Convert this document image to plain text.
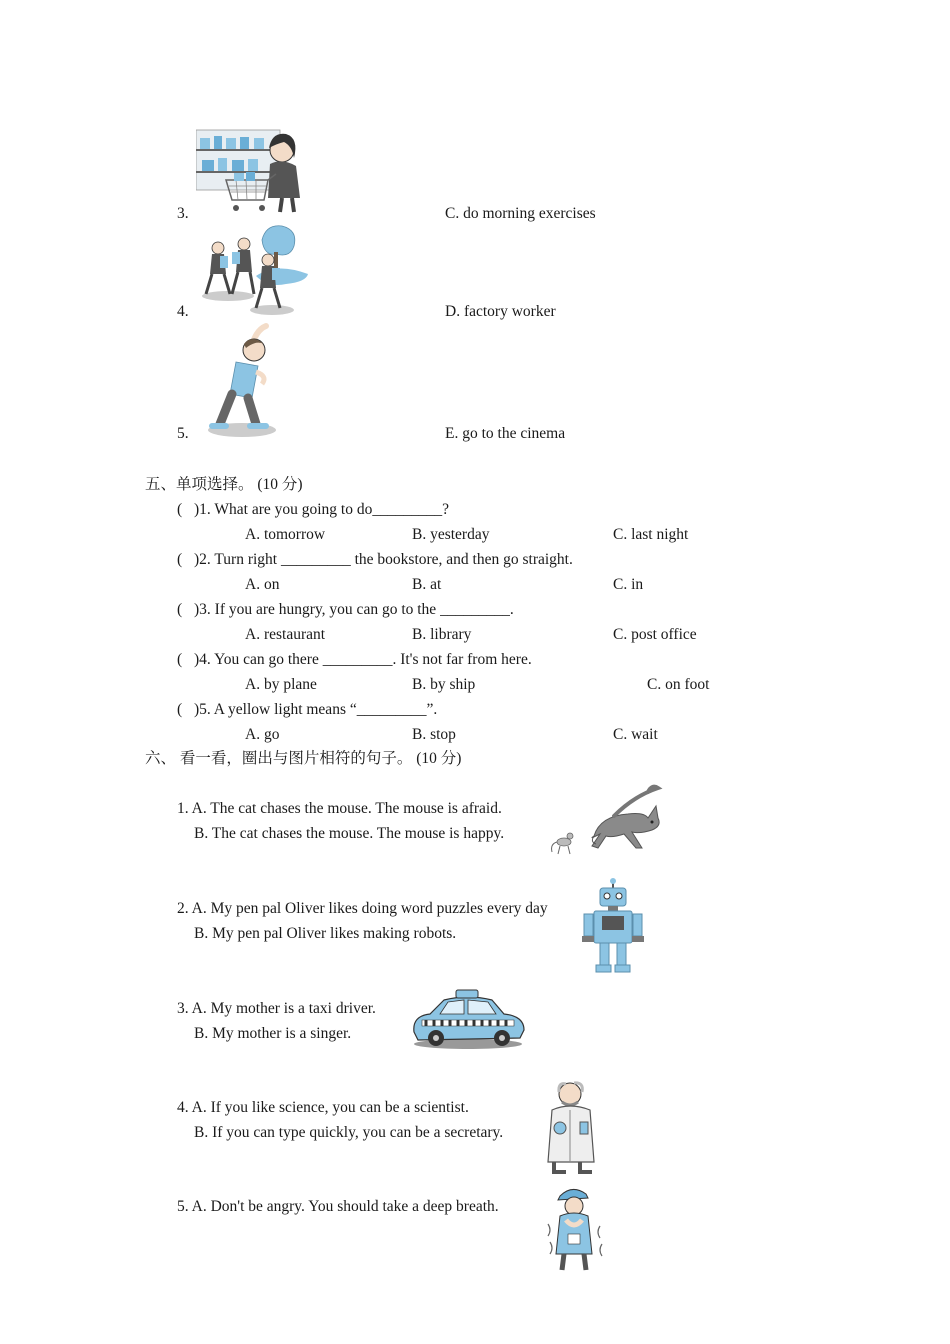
3.	C. do morning exercises
4.	D. factory worker
5.	E. go to the cinema
五、单项选择。 (10 分)
( )1. What are you going to do_________?
A. tomorrow	B. yesterday	C. last night
( )2. Turn right _________ the bookstore, and then go straight.
A. on	B. at	C. in
( )3. If you are hungry, you can go to the _________.
A. restaurant	B. library	C. post office
( )4. You can go there _________. It's not far from here.
A. by plane	B. by ship	C. on foot
( )5. A yellow light means “_________”.
A. go	B. stop	C. wait
六、 看一看，圈出与图片相符的句子。 (10 分)
1. A. The cat chases the mouse. The mouse is afraid.
B. The cat chases the mouse. The mouse is happy.
2. A. My pen pal Oliver likes doing word puzzles every day
B. My pen pal Oliver likes making robots.
3. A. My mother is a taxi driver.
B. My mother is a singer.
4. A. If you like science, you can be a scientist.
B. If you can type quickly, you can be a secretary.
5. A. Don't be angry. You should take a deep breath.
